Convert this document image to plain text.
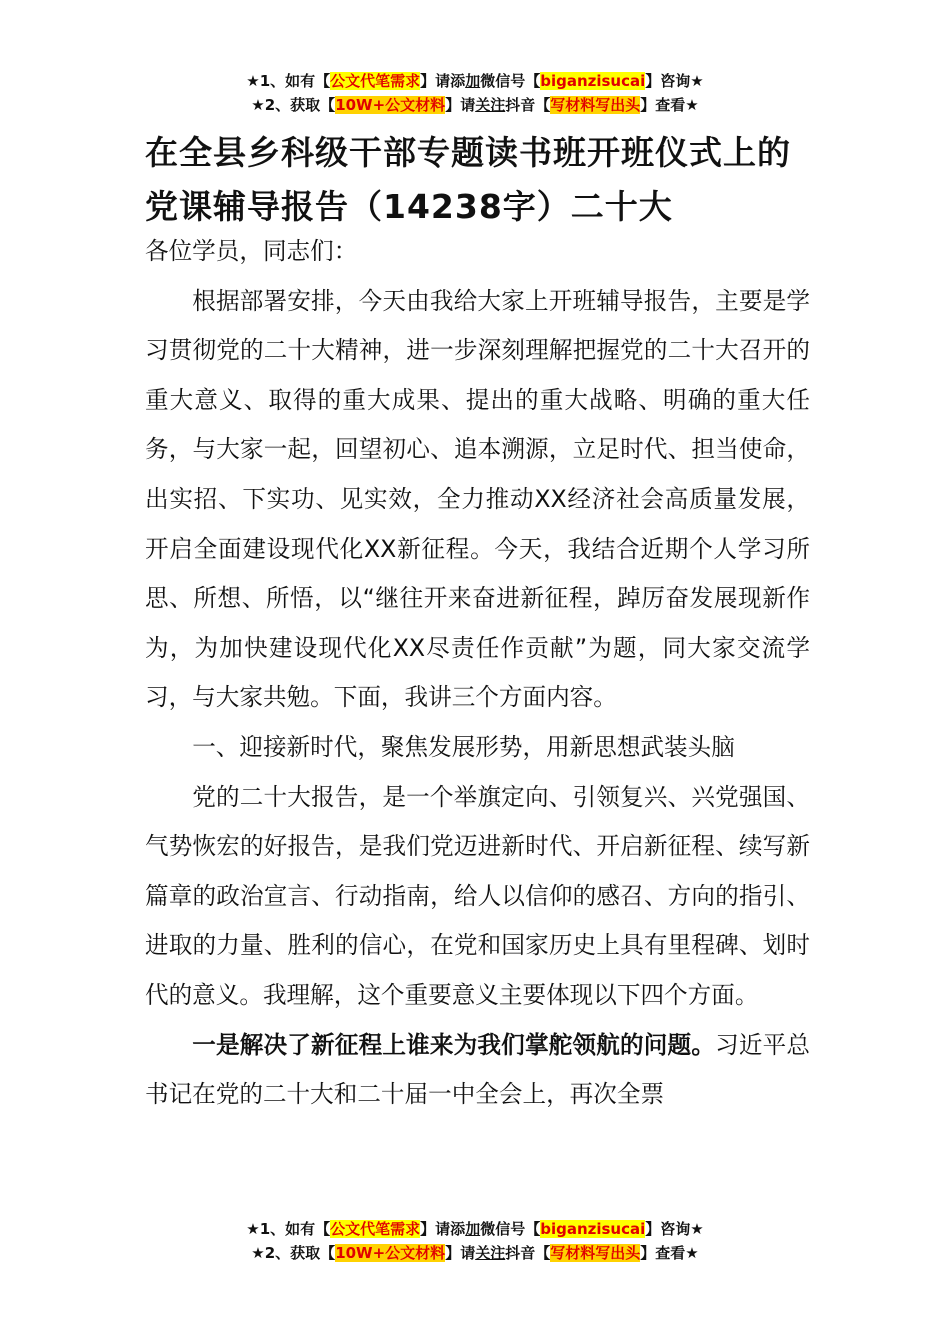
★1、如有【公文代笔需求】请添加微信号【biganzisucai】咨询★
★2、获取【10W+公文材料】请关注抖音【写材料写出头】查看★
在全县乡科级干部专题读书班开班仪式上的党课辅导报告（14238字）二十大

各位学员，同志们：

根据部署安排，今天由我给大家上开班辅导报告，主要是学习贯彻党的二十大精神，进一步深刻理解把握党的二十大召开的重大意义、取得的重大成果、提出的重大战略、明确的重大任务，与大家一起，回望初心、追本溯源，立足时代、担当使命，出实招、下实功、见实效，全力推动XX经济社会高质量发展，开启全面建设现代化XX新征程。今天，我结合近期个人学习所思、所想、所悟，以“继往开来奋进新征程，踔厉奋发展现新作为，为加快建设现代化XX尽责任作贡献”为题，同大家交流学习，与大家共勉。下面，我讲三个方面内容。

一、迎接新时代，聚焦发展形势，用新思想武装头脑

党的二十大报告，是一个举旗定向、引领复兴、兴党强国、气势恢宏的好报告，是我们党迈进新时代、开启新征程、续写新篇章的政治宣言、行动指南，给人以信仰的感召、方向的指引、进取的力量、胜利的信心，在党和国家历史上具有里程碑、划时代的意义。我理解，这个重要意义主要体现以下四个方面。

一是解决了新征程上谁来为我们掌舵领航的问题。习近平总书记在党的二十大和二十届一中全会上，再次全票

★1、如有【公文代笔需求】请添加微信号【biganzisucai】咨询★
★2、获取【10W+公文材料】请关注抖音【写材料写出头】查看★
